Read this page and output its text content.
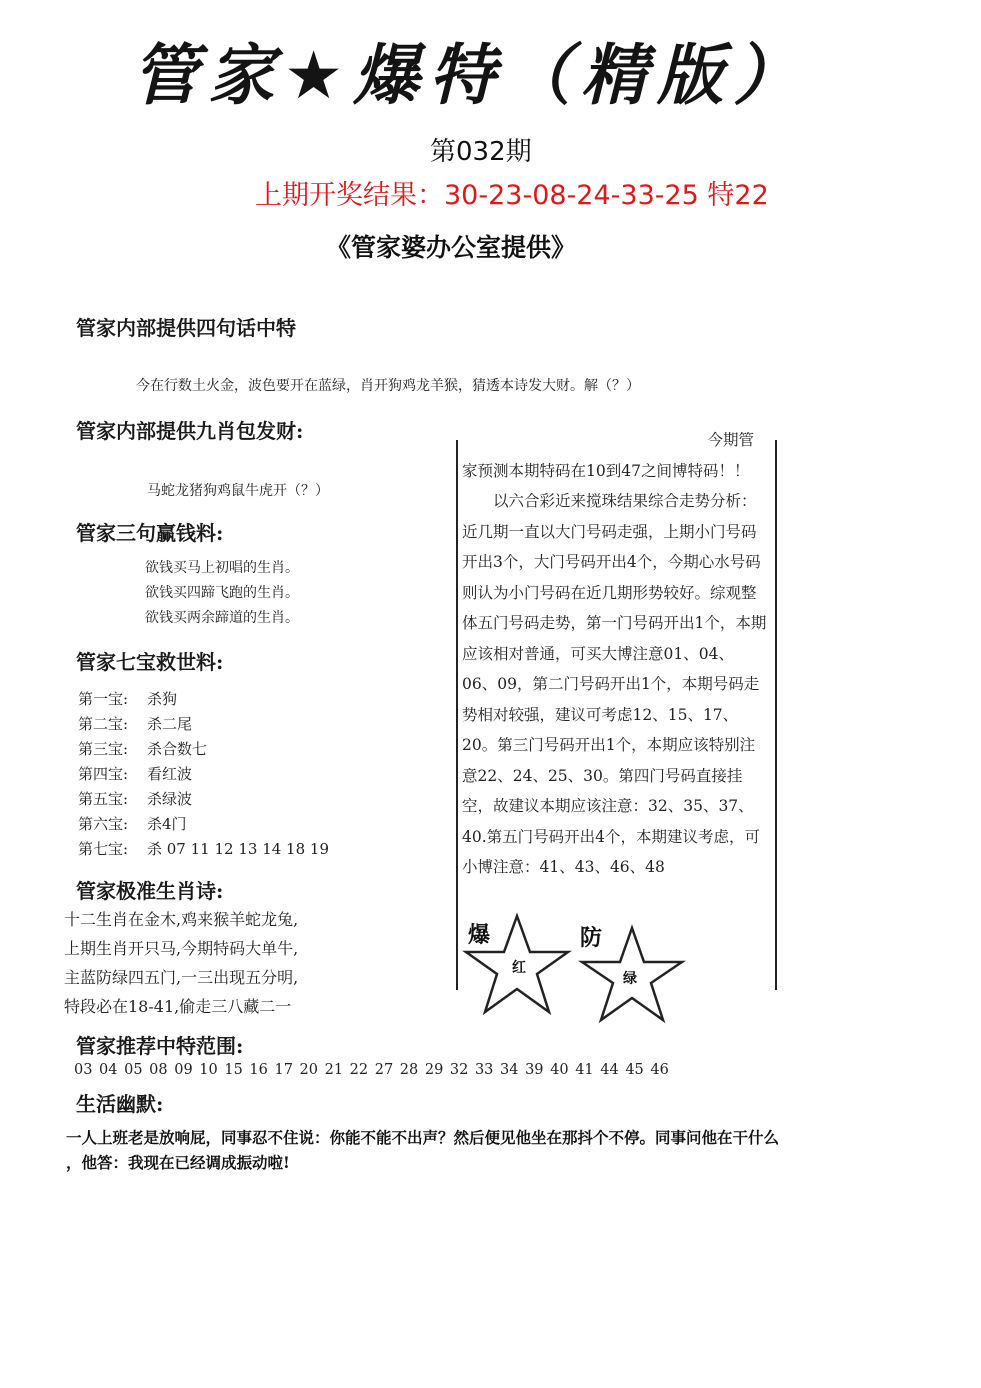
管家★爆特（精版）
第032期
上期开奖结果：30-23-08-24-33-25 特22
《管家婆办公室提供》
管家内部提供四句话中特
今在行数土火金，波色要开在蓝绿，肖开狗鸡龙羊猴，猜透本诗发大财。解（？）
管家内部提供九肖包发财:
马蛇龙猪狗鸡鼠牛虎开（？）
管家三句赢钱料:
欲钱买马上初唱的生肖。
欲钱买四蹄飞跑的生肖。
欲钱买两余蹄道的生肖。
管家七宝救世料:
第一宝: 杀狗
第二宝: 杀二尾
第三宝: 杀合数七
第四宝: 看红波
第五宝: 杀绿波
第六宝: 杀4门
第七宝: 杀 07 11 12 13 14 18 19
管家极准生肖诗:
十二生肖在金木,鸡来猴羊蛇龙兔,
上期生肖开只马,今期特码大单牛,
主蓝防绿四五门,一三出现五分明,
特段必在18-41,偷走三八藏二一
管家推荐中特范围:
03 04 05 08 09 10 15 16 17 20 21 22 27 28 29 32 33 34 39 40 41 44 45 46
生活幽默:
一人上班老是放响屁，同事忍不住说：你能不能不出声？然后便见他坐在那抖个不停。同事问他在干什么
，他答：我现在已经调成振动啦!

今期管

家预测本期特码在10到47之间博特码！！

以六合彩近来搅珠结果综合走势分析：近几期一直以大门号码走强，上期小门号码开出3个，大门号码开出4个，今期心水号码则认为小门号码在近几期形势较好。综观整体五门号码走势，第一门号码开出1个，本期应该相对普通，可买大博注意01、04、06、09，第二门号码开出1个，本期号码走势相对较强，建议可考虑12、15、17、20。第三门号码开出1个，本期应该特别注意22、24、25、30。第四门号码直接挂空，故建议本期应该注意：32、35、37、40.第五门号码开出4个，本期建议考虑，可小博注意：41、43、46、48

爆
红
防
绿
